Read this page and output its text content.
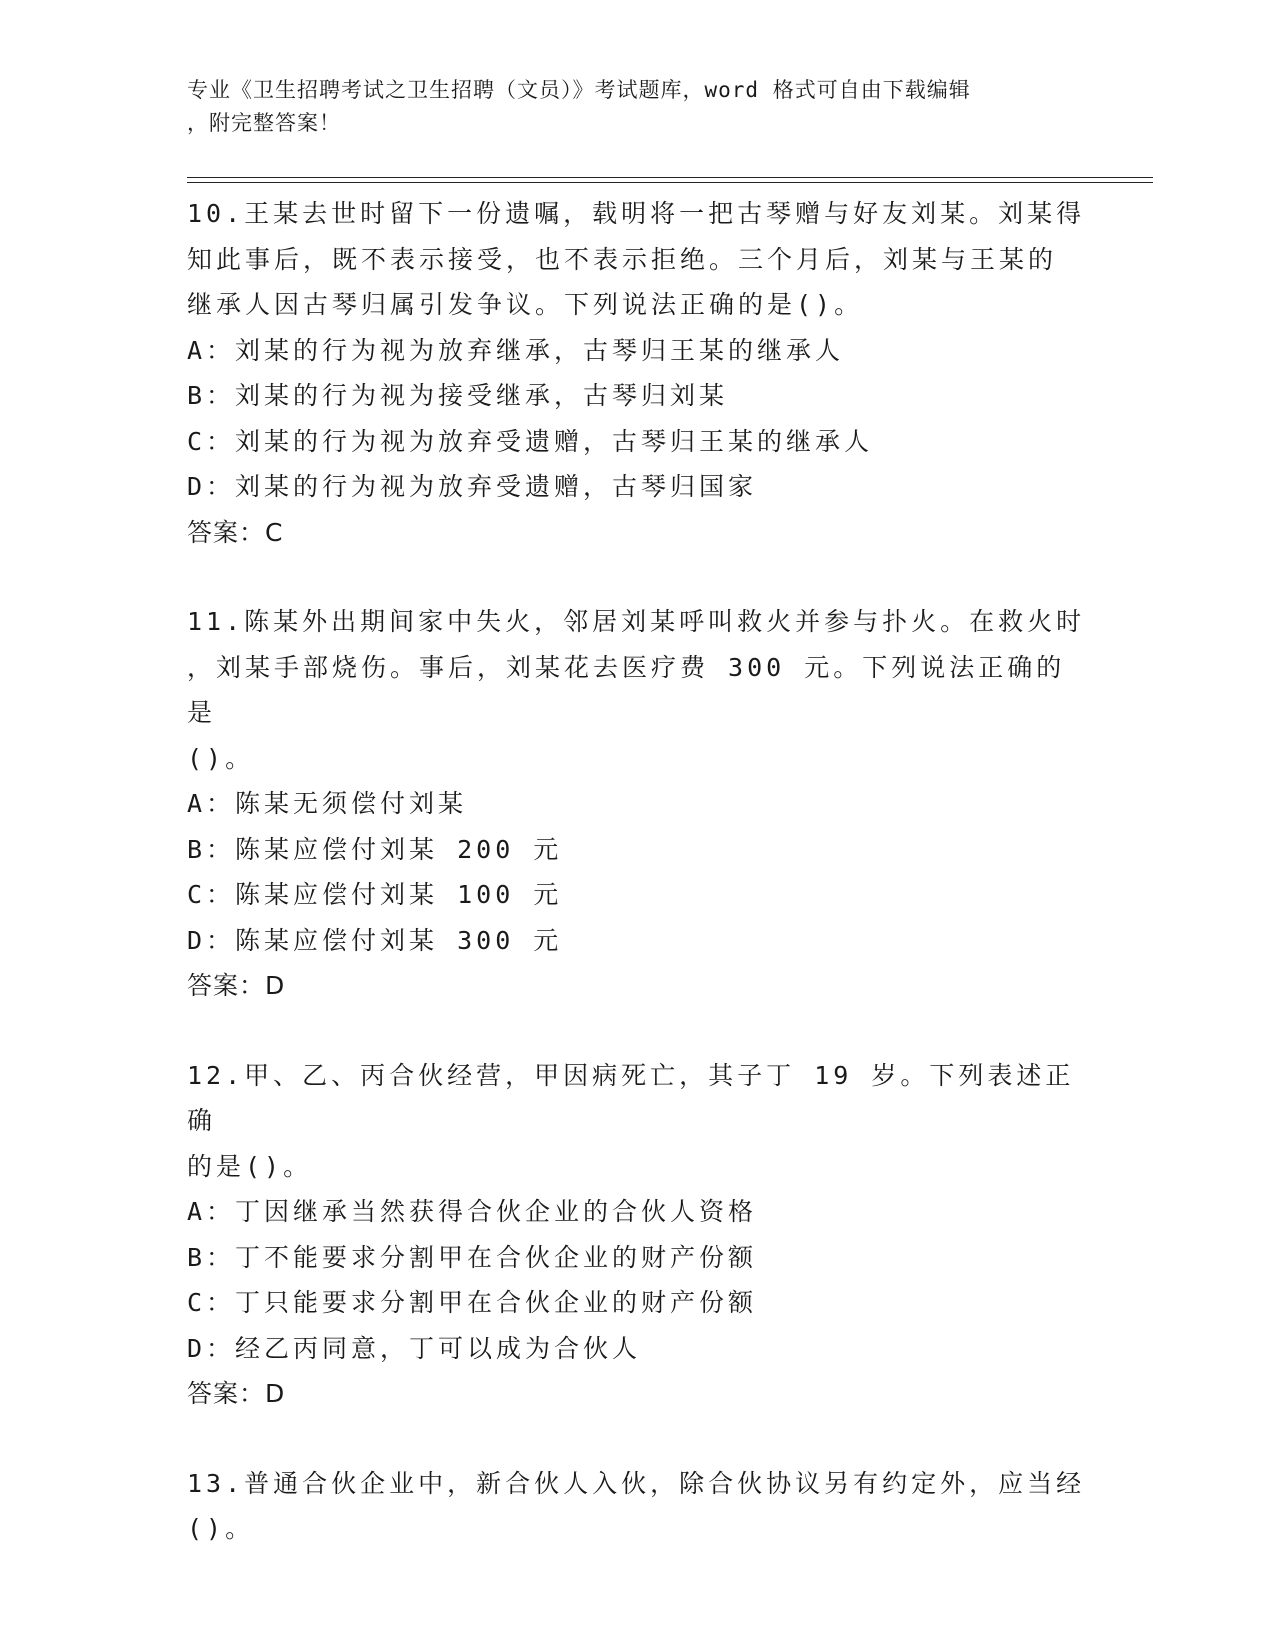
专业《卫生招聘考试之卫生招聘（文员）》考试题库，word 格式可自由下载编辑
，附完整答案！
10.王某去世时留下一份遗嘱，载明将一把古琴赠与好友刘某。刘某得
知此事后，既不表示接受，也不表示拒绝。三个月后，刘某与王某的
继承人因古琴归属引发争议。下列说法正确的是()。
A：刘某的行为视为放弃继承，古琴归王某的继承人
B：刘某的行为视为接受继承，古琴归刘某
C：刘某的行为视为放弃受遗赠，古琴归王某的继承人
D：刘某的行为视为放弃受遗赠，古琴归国家
答案：C
11.陈某外出期间家中失火，邻居刘某呼叫救火并参与扑火。在救火时
，刘某手部烧伤。事后，刘某花去医疗费 300 元。下列说法正确的是
()。
A：陈某无须偿付刘某
B：陈某应偿付刘某 200 元
C：陈某应偿付刘某 100 元
D：陈某应偿付刘某 300 元
答案：D
12.甲、乙、丙合伙经营，甲因病死亡，其子丁 19 岁。下列表述正确
的是()。
A：丁因继承当然获得合伙企业的合伙人资格
B：丁不能要求分割甲在合伙企业的财产份额
C：丁只能要求分割甲在合伙企业的财产份额
D：经乙丙同意，丁可以成为合伙人
答案：D
13.普通合伙企业中，新合伙人入伙，除合伙协议另有约定外，应当经
()。
